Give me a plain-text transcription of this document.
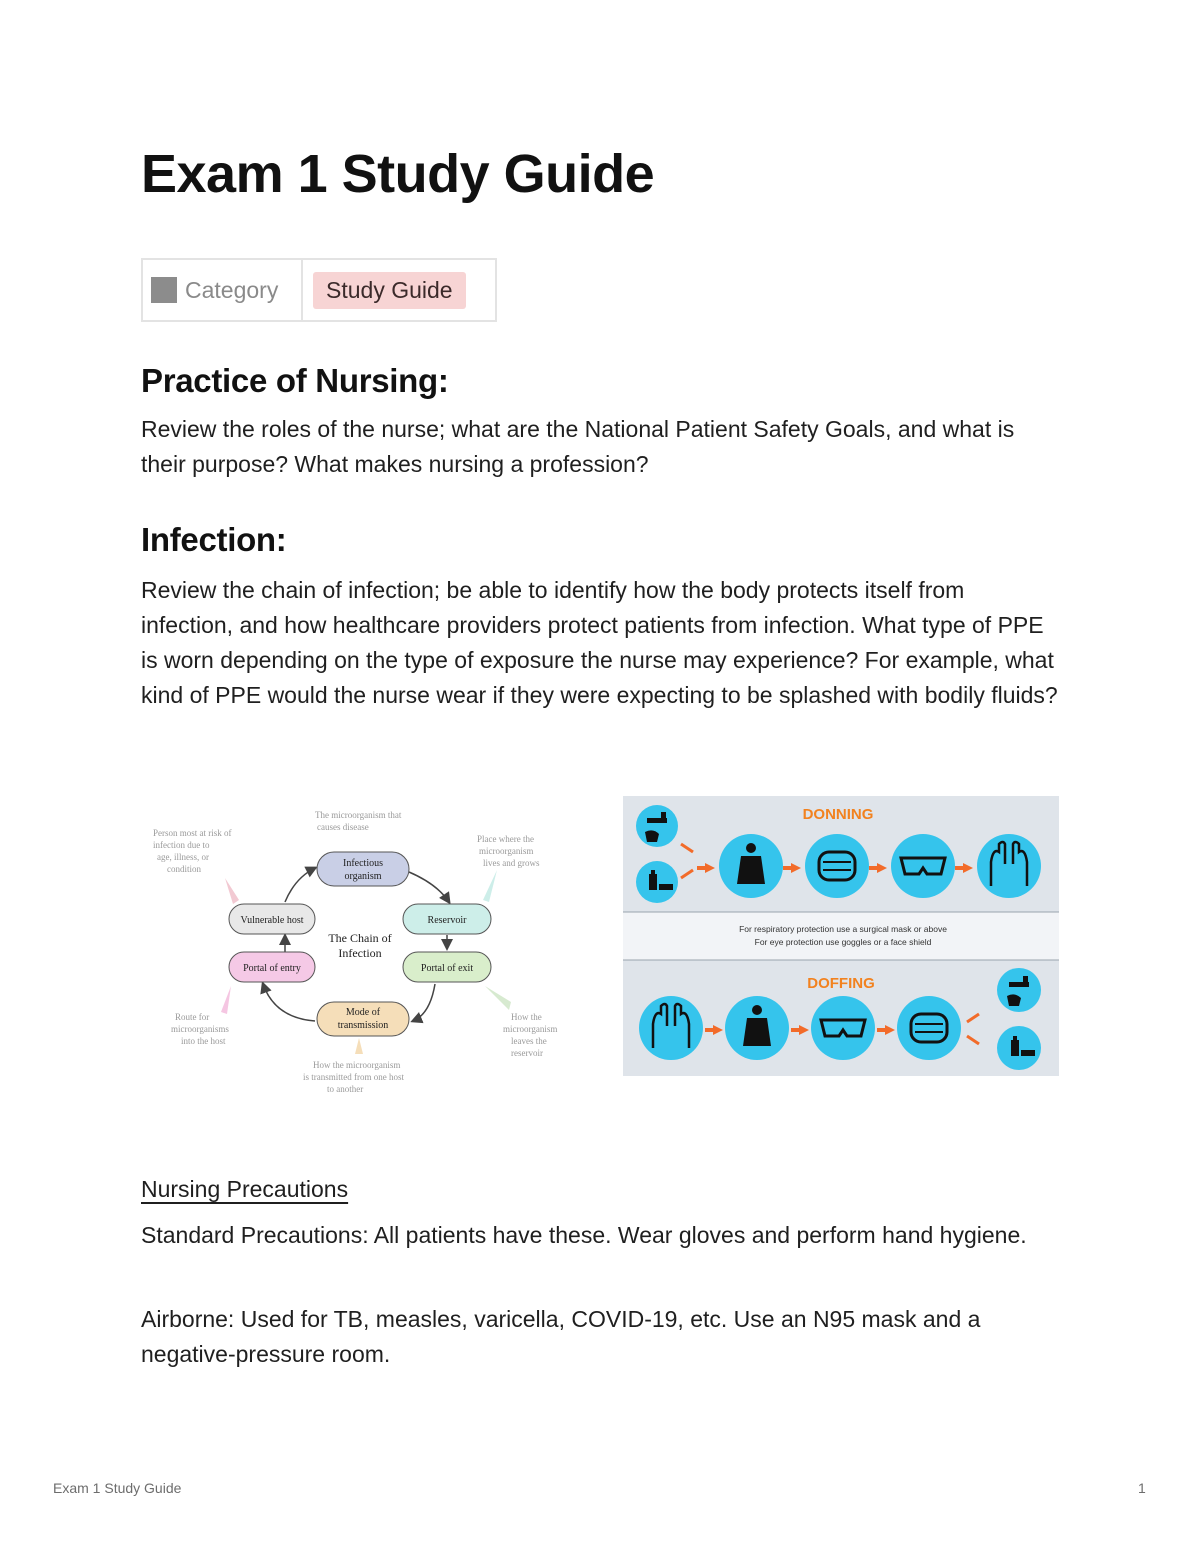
Exam 1 Study Guide
Category	Study Guide
Practice of Nursing:

Review the roles of the nurse; what are the National Patient Safety Goals, and what is their purpose? What makes nursing a profession?

Infection:

Review the chain of infection; be able to identify how the body protects itself from infection, and how healthcare providers protect patients from infection. What type of PPE is worn depending on the type of exposure the nurse may experience? For example, what kind of PPE would the nurse wear if they were expecting to be splashed with bodily fluids?

The microorganism that
causes disease
Person most at risk of
infection due to
age, illness, or
condition
Place where the
microorganism
lives and grows
Route for
microorganisms
into the host
How the
microorganism
leaves the
reservoir
How the microorganism
is transmitted from one host
to another
Infectious
organism
Reservoir
Portal of exit
Mode of
transmission
Portal of entry
Vulnerable host
The Chain of
Infection
DONNING
DOFFING
For respiratory protection use a surgical mask or above
For eye protection use goggles or a face shield

Nursing Precautions

Standard Precautions: All patients have these. Wear gloves and perform hand hygiene.

Airborne: Used for TB, measles, varicella, COVID-19, etc. Use an N95 mask and a negative-pressure room.

Exam 1 Study Guide	1
